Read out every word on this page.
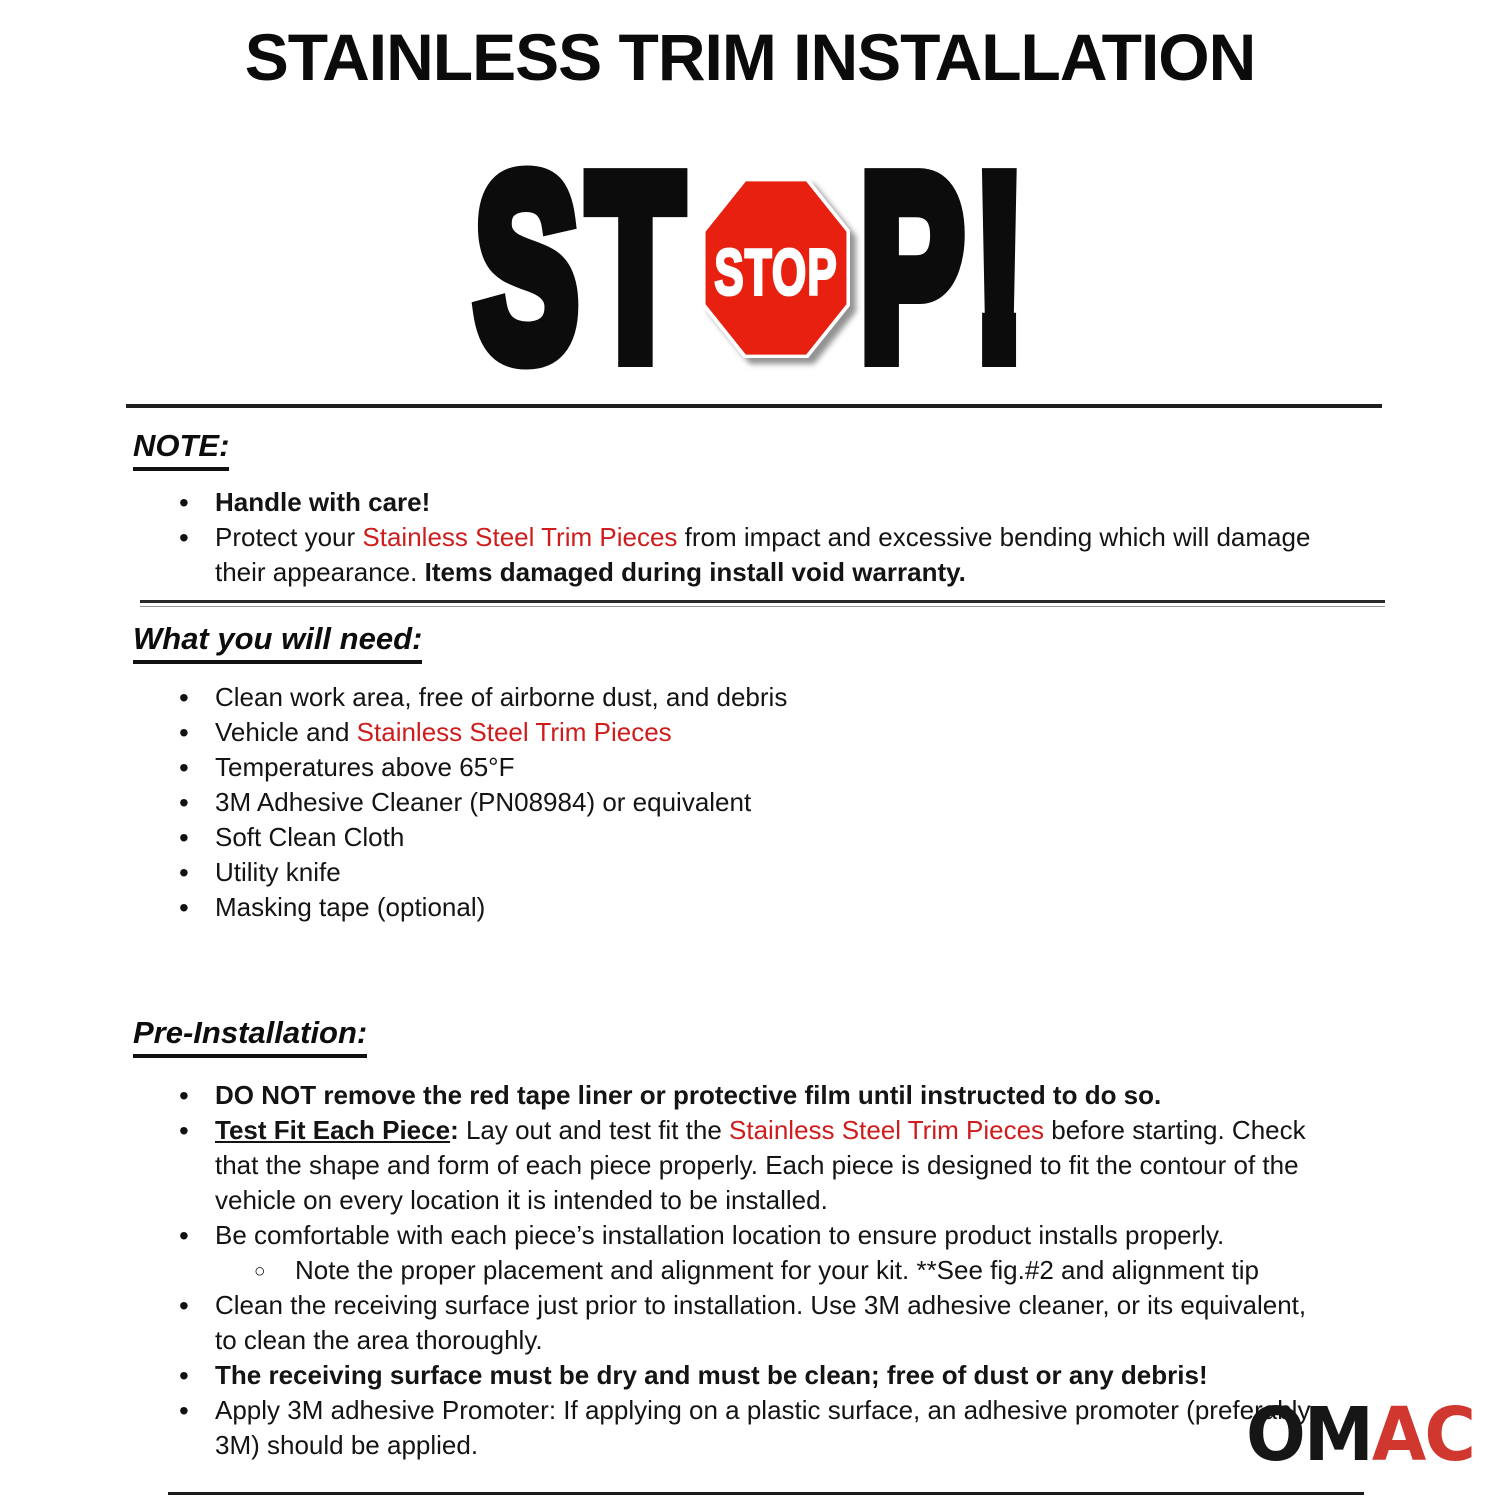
STAINLESS TRIM INSTALLATION
ST STOP P!
NOTE:
• Handle with care!
• Protect your Stainless Steel Trim Pieces from impact and excessive bending which will damage their appearance. Items damaged during install void warranty.
What you will need:
• Clean work area, free of airborne dust, and debris
• Vehicle and Stainless Steel Trim Pieces
• Temperatures above 65°F
• 3M Adhesive Cleaner (PN08984) or equivalent
• Soft Clean Cloth
• Utility knife
• Masking tape (optional)
Pre-Installation:
• DO NOT remove the red tape liner or protective film until instructed to do so.
• Test Fit Each Piece: Lay out and test fit the Stainless Steel Trim Pieces before starting. Check that the shape and form of each piece properly. Each piece is designed to fit the contour of the vehicle on every location it is intended to be installed.
• Be comfortable with each piece’s installation location to ensure product installs properly.
○ Note the proper placement and alignment for your kit. **See fig.#2 and alignment tip
• Clean the receiving surface just prior to installation. Use 3M adhesive cleaner, or its equivalent, to clean the area thoroughly.
• The receiving surface must be dry and must be clean; free of dust or any debris!
• Apply 3M adhesive Promoter: If applying on a plastic surface, an adhesive promoter (preferably 3M) should be applied.	OMAC
